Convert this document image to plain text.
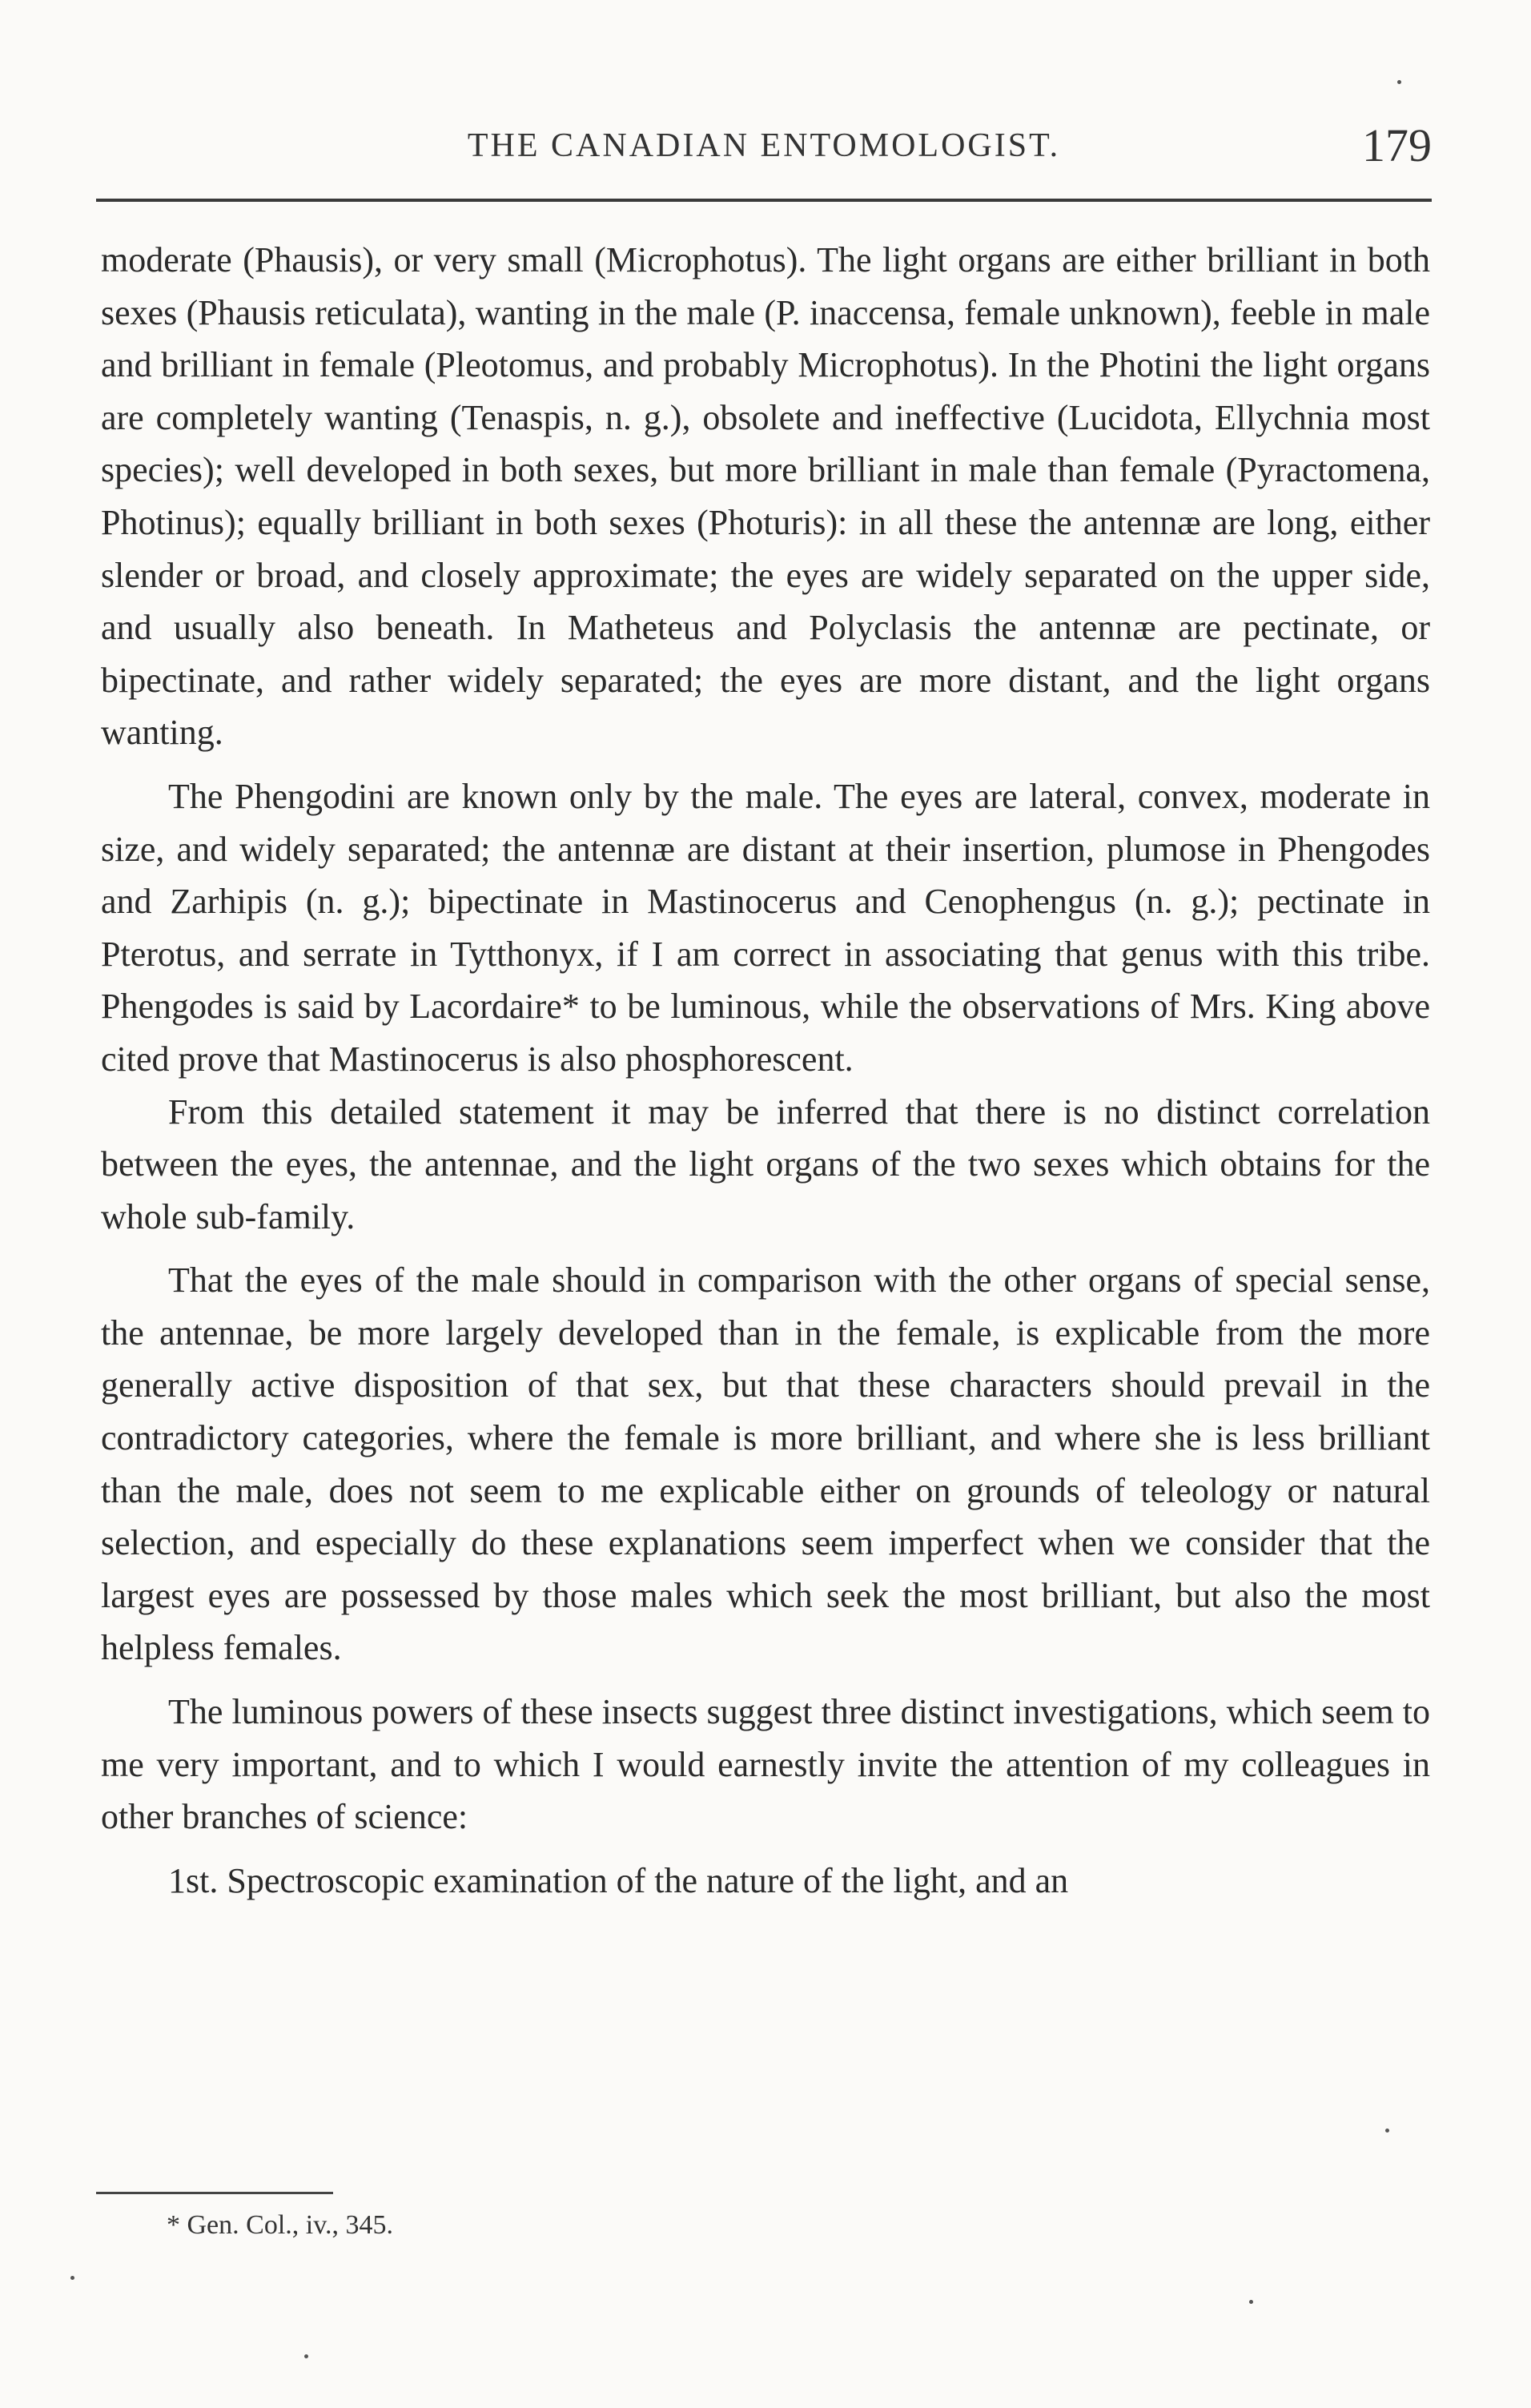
THE CANADIAN ENTOMOLOGIST.	179

moderate (Phausis), or very small (Microphotus). The light organs are either brilliant in both sexes (Phausis reticulata), wanting in the male (P. inaccensa, female unknown), feeble in male and brilliant in female (Pleotomus, and probably Microphotus). In the Photini the light organs are completely wanting (Tenaspis, n. g.), obsolete and ineffective (Lucidota, Ellychnia most species); well developed in both sexes, but more brilliant in male than female (Pyractomena, Photinus); equally brilliant in both sexes (Photuris): in all these the antennæ are long, either slender or broad, and closely approximate; the eyes are widely separated on the upper side, and usually also beneath. In Matheteus and Polyclasis the antennæ are pectinate, or bipectinate, and rather widely separated; the eyes are more distant, and the light organs wanting.

The Phengodini are known only by the male. The eyes are lateral, convex, moderate in size, and widely separated; the antennæ are distant at their insertion, plumose in Phengodes and Zarhipis (n. g.); bipectinate in Mastinocerus and Cenophengus (n. g.); pectinate in Pterotus, and serrate in Tytthonyx, if I am correct in associating that genus with this tribe. Phengodes is said by Lacordaire* to be luminous, while the observations of Mrs. King above cited prove that Mastinocerus is also phosphorescent.

From this detailed statement it may be inferred that there is no distinct correlation between the eyes, the antennae, and the light organs of the two sexes which obtains for the whole sub-family.

That the eyes of the male should in comparison with the other organs of special sense, the antennae, be more largely developed than in the female, is explicable from the more generally active disposition of that sex, but that these characters should prevail in the contradictory categories, where the female is more brilliant, and where she is less brilliant than the male, does not seem to me explicable either on grounds of teleology or natural selection, and especially do these explanations seem imperfect when we consider that the largest eyes are possessed by those males which seek the most brilliant, but also the most helpless females.

The luminous powers of these insects suggest three distinct investigations, which seem to me very important, and to which I would earnestly invite the attention of my colleagues in other branches of science:

1st. Spectroscopic examination of the nature of the light, and an

* Gen. Col., iv., 345.
